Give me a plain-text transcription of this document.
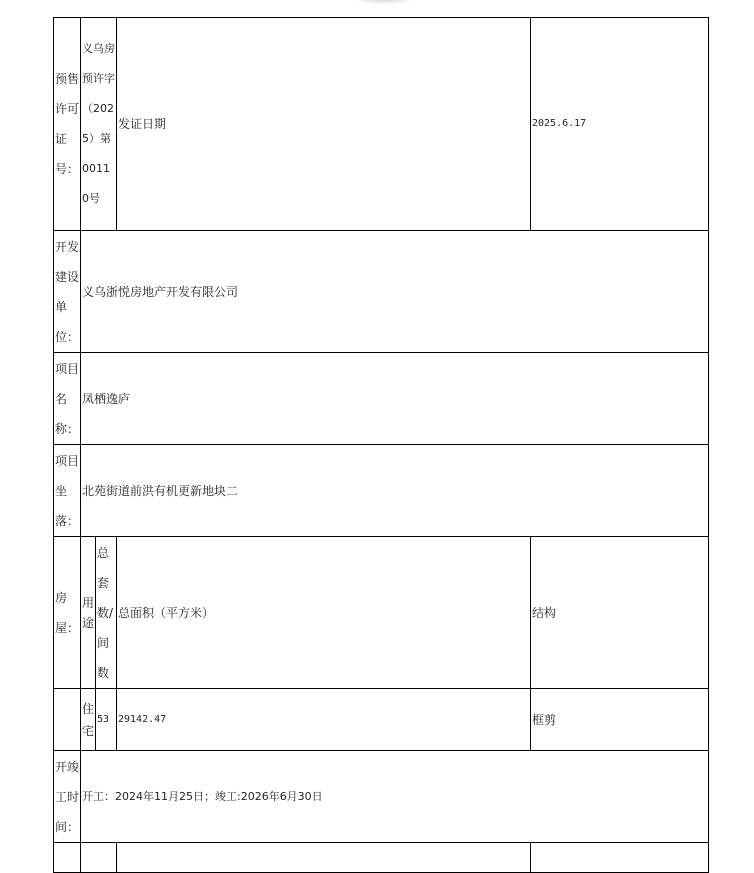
预售许可证号：	义乌房预许字（2025）第00110号		发证日期	2025.6.17
开发建设单位：	义乌浙悦房地产开发有限公司			
项目名称：	凤栖逸庐			
项目坐落：	北苑街道前洪有机更新地块二			
房屋：	用途	总套数/间数	总面积（平方米）	结构
	住宅	53	29142.47	框剪
开竣工时间：	开工：2024年11月25日；竣工:2026年6月30日			
